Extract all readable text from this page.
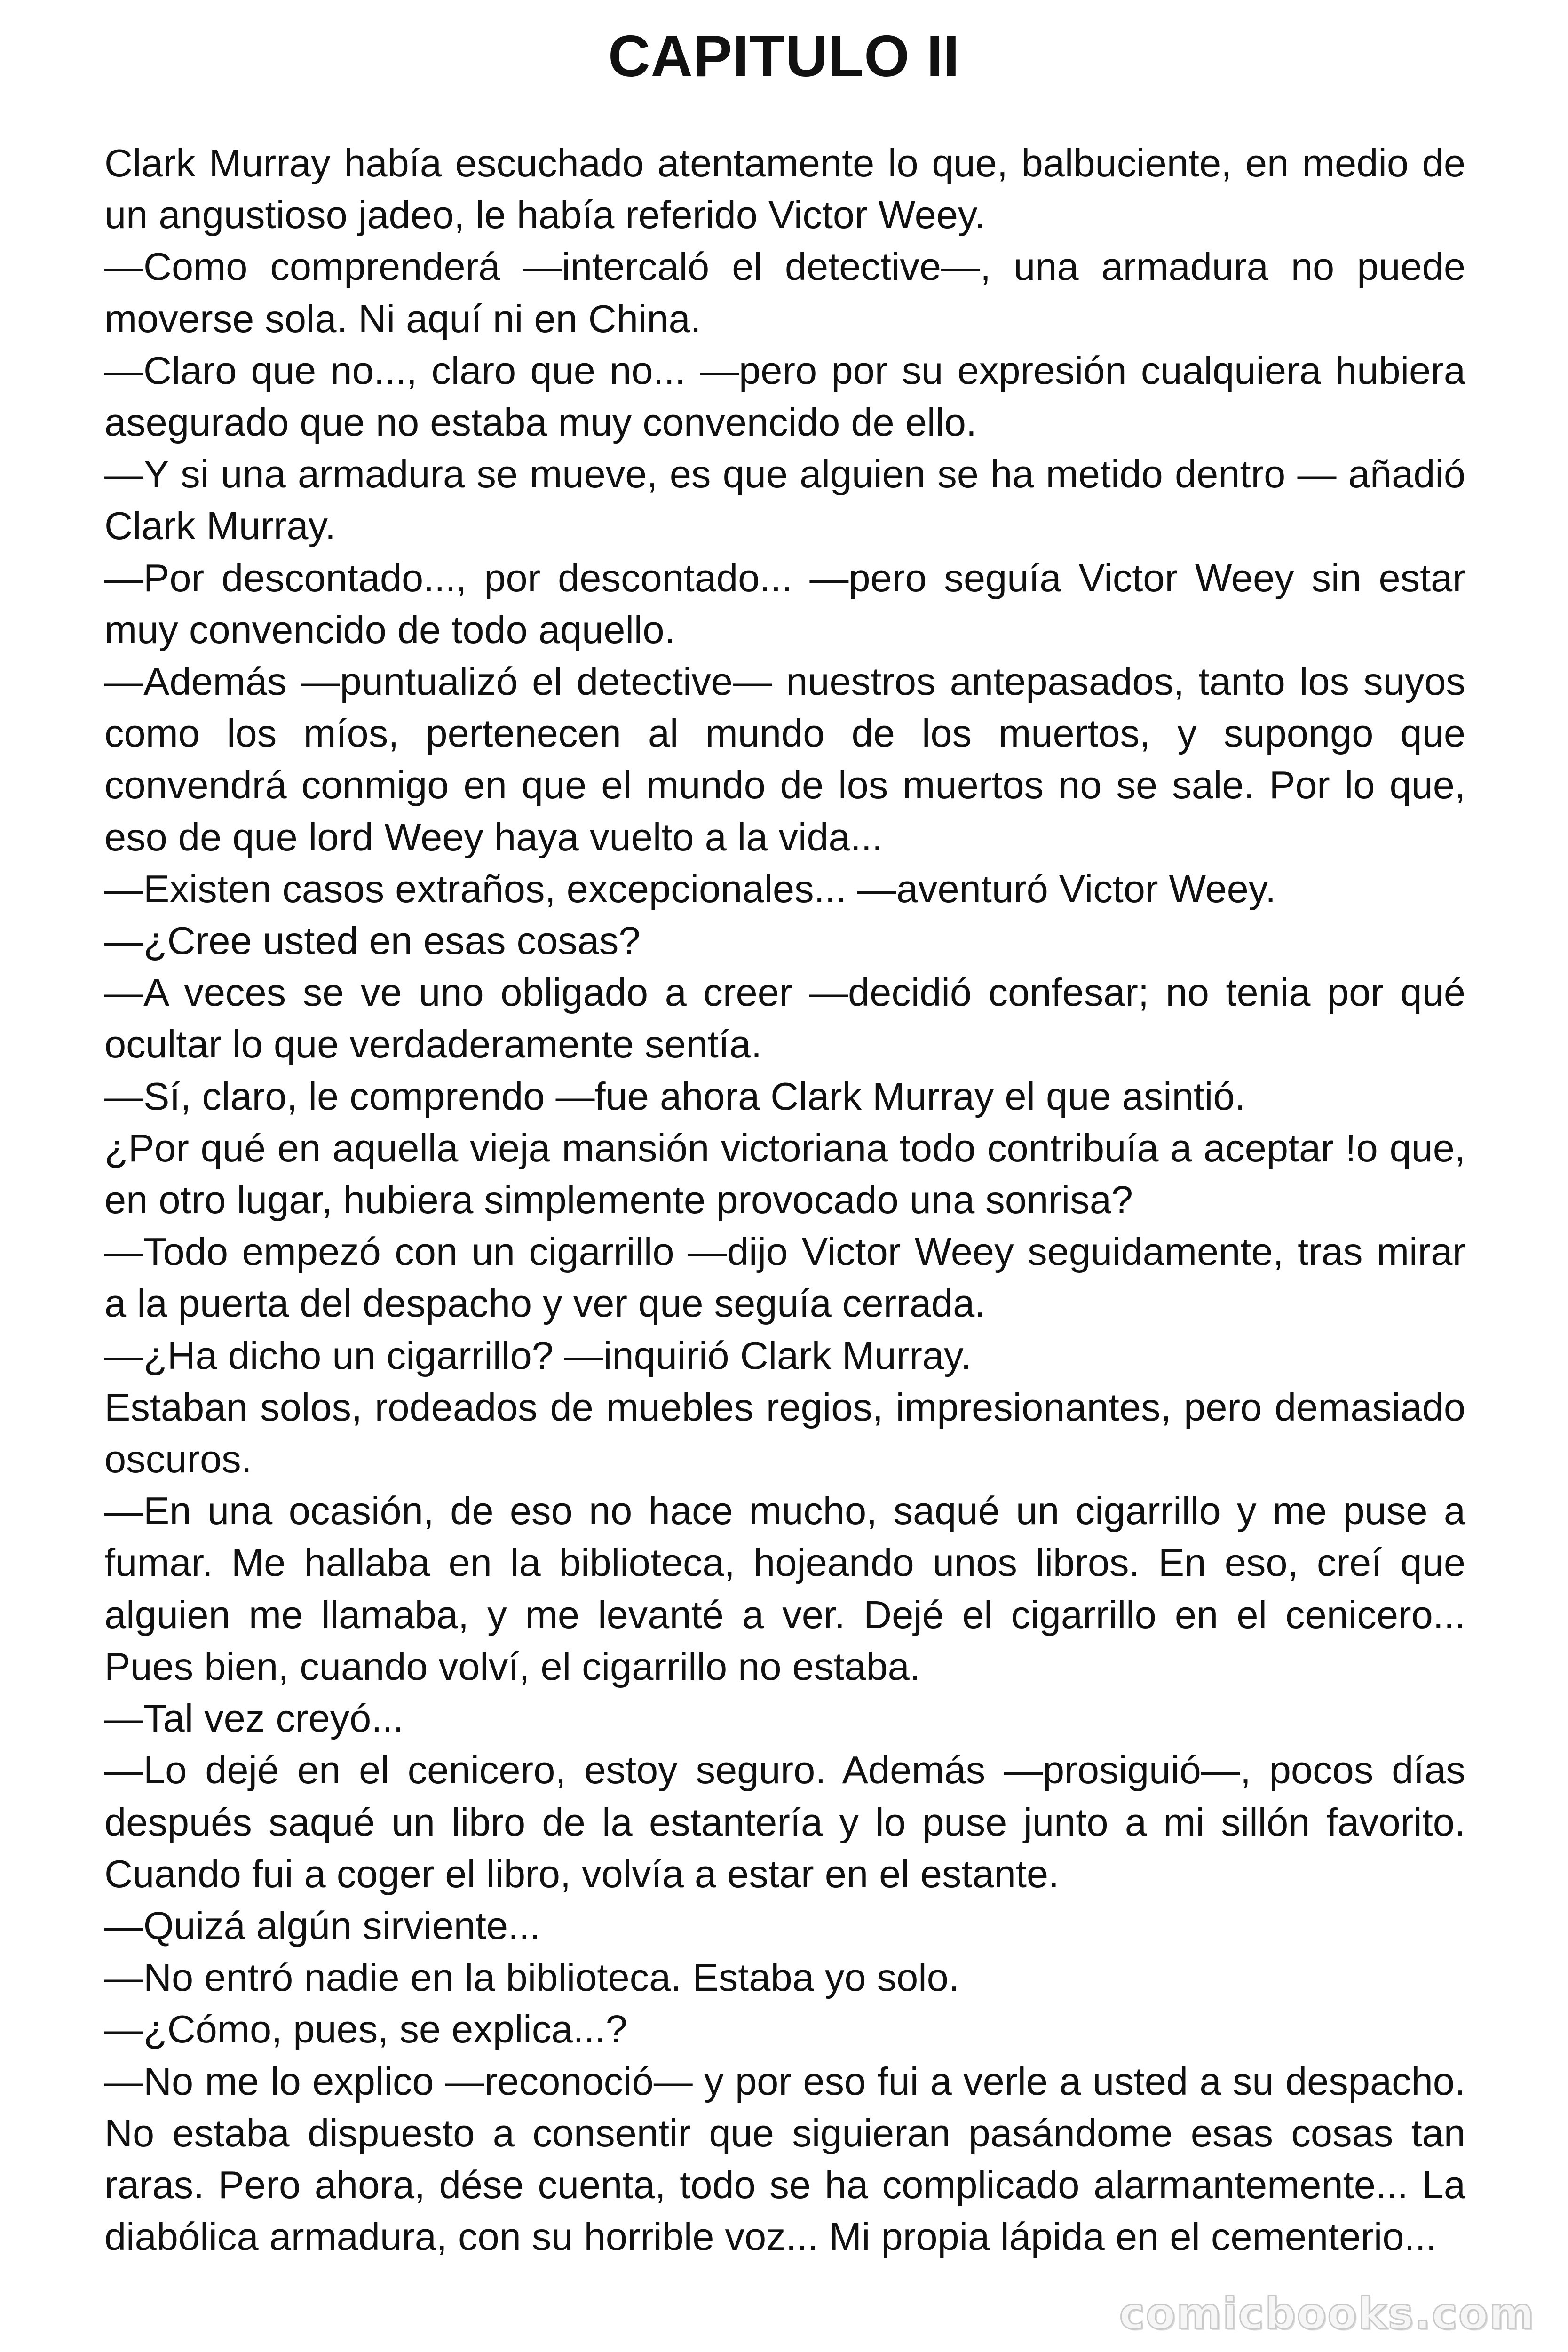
CAPITULO II

Clark Murray había escuchado atentamente lo que, balbuciente, en medio de un angustioso jadeo, le había referido Victor Weey.

—Como comprenderá —intercaló el detective—, una armadura no puede moverse sola. Ni aquí ni en China.

—Claro que no..., claro que no... —pero por su expresión cualquiera hubiera asegurado que no estaba muy convencido de ello.

—Y si una armadura se mueve, es que alguien se ha metido dentro — añadió Clark Murray.

—Por descontado..., por descontado... —pero seguía Victor Weey sin estar muy convencido de todo aquello.

—Además —puntualizó el detective— nuestros antepasados, tanto los suyos como los míos, pertenecen al mundo de los muertos, y supongo que convendrá conmigo en que el mundo de los muertos no se sale. Por lo que, eso de que lord Weey haya vuelto a la vida...

—Existen casos extraños, excepcionales... —aventuró Victor Weey.

—¿Cree usted en esas cosas?

—A veces se ve uno obligado a creer —decidió confesar; no tenia por qué ocultar lo que verdaderamente sentía.

—Sí, claro, le comprendo —fue ahora Clark Murray el que asintió.

¿Por qué en aquella vieja mansión victoriana todo contribuía a aceptar !o que, en otro lugar, hubiera simplemente provocado una sonrisa?

—Todo empezó con un cigarrillo —dijo Victor Weey seguidamente, tras mirar a la puerta del despacho y ver que seguía cerrada.

—¿Ha dicho un cigarrillo? —inquirió Clark Murray.

Estaban solos, rodeados de muebles regios, impresionantes, pero demasiado oscuros.

—En una ocasión, de eso no hace mucho, saqué un cigarrillo y me puse a fumar. Me hallaba en la biblioteca, hojeando unos libros. En eso, creí que alguien me llamaba, y me levanté a ver. Dejé el cigarrillo en el cenicero... Pues bien, cuando volví, el cigarrillo no estaba.

—Tal vez creyó...

—Lo dejé en el cenicero, estoy seguro. Además —prosiguió—, pocos días después saqué un libro de la estantería y lo puse junto a mi sillón favorito. Cuando fui a coger el libro, volvía a estar en el estante.

—Quizá algún sirviente...

—No entró nadie en la biblioteca. Estaba yo solo.

—¿Cómo, pues, se explica...?

—No me lo explico —reconoció— y por eso fui a verle a usted a su despacho. No estaba dispuesto a consentir que siguieran pasándome esas cosas tan raras. Pero ahora, dése cuenta, todo se ha complicado alarmantemente... La diabólica armadura, con su horrible voz... Mi propia lápida en el cementerio...

comicbooks.com
